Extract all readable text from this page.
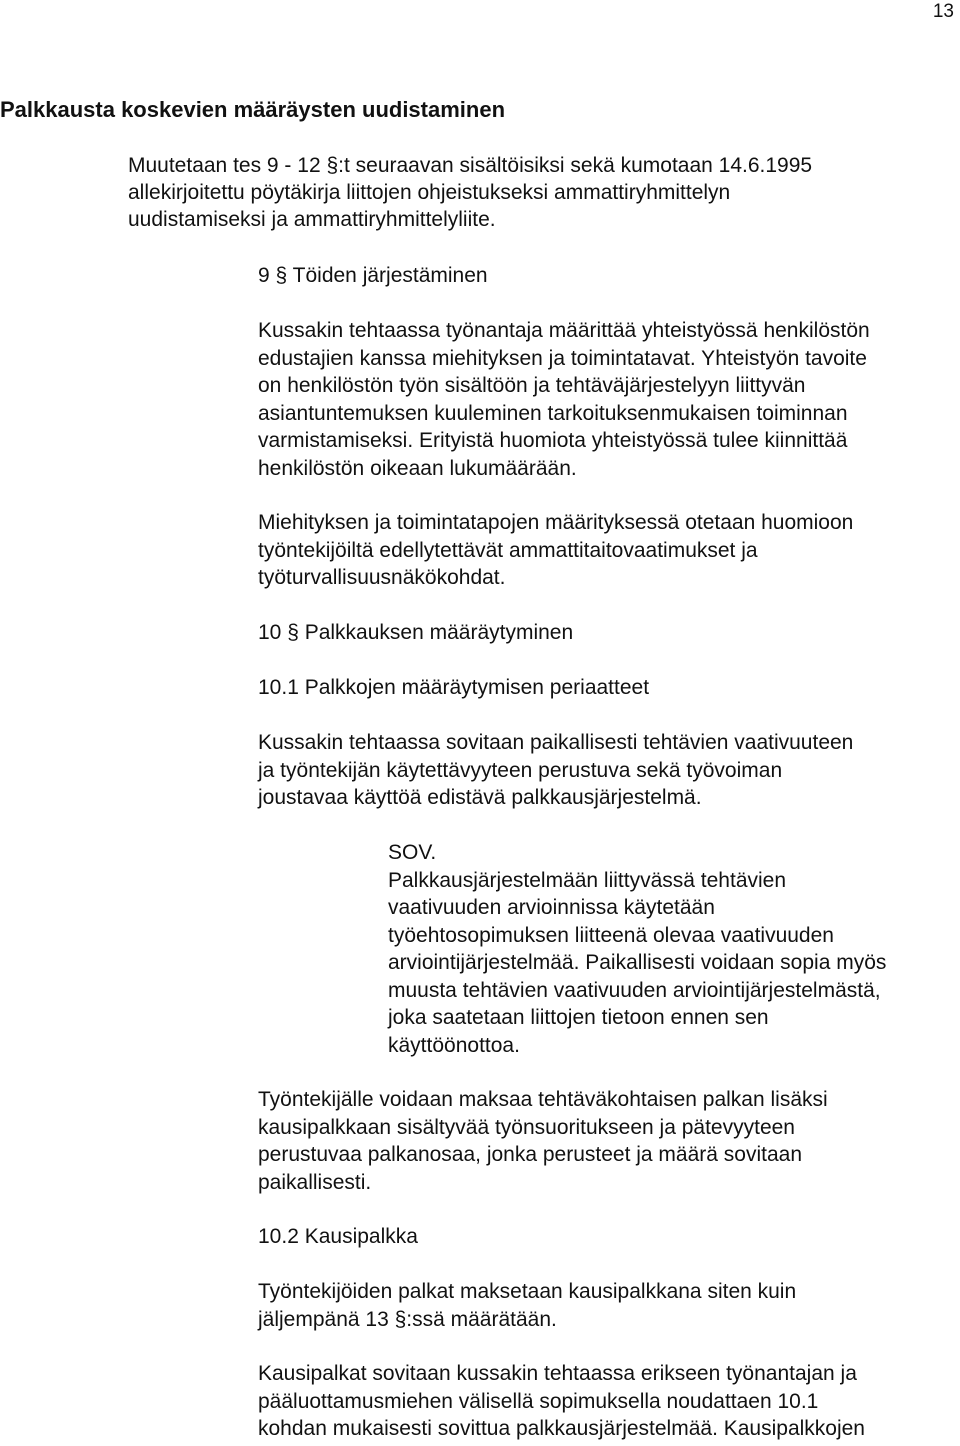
13
Palkkausta koskevien määräysten uudistaminen

Muutetaan tes 9 - 12 §:t seuraavan sisältöisiksi sekä kumotaan 14.6.1995
allekirjoitettu pöytäkirja liittojen ohjeistukseksi ammattiryhmittelyn
uudistamiseksi ja ammattiryhmittelyliite.

9 § Töiden järjestäminen

Kussakin tehtaassa työnantaja määrittää yhteistyössä henkilöstön
edustajien kanssa miehityksen ja toimintatavat. Yhteistyön tavoite
on henkilöstön työn sisältöön ja tehtäväjärjestelyyn liittyvän
asiantuntemuksen kuuleminen tarkoituksenmukaisen toiminnan
varmistamiseksi. Erityistä huomiota yhteistyössä tulee kiinnittää
henkilöstön oikeaan lukumäärään.

Miehityksen ja toimintatapojen määrityksessä otetaan huomioon
työntekijöiltä edellytettävät ammattitaitovaatimukset ja
työturvallisuusnäkökohdat.

10 § Palkkauksen määräytyminen

10.1 Palkkojen määräytymisen periaatteet

Kussakin tehtaassa sovitaan paikallisesti tehtävien vaativuuteen
ja työntekijän käytettävyyteen perustuva sekä työvoiman
joustavaa käyttöä edistävä palkkausjärjestelmä.

SOV.
Palkkausjärjestelmään liittyvässä tehtävien
vaativuuden arvioinnissa käytetään
työehtosopimuksen liitteenä olevaa vaativuuden
arviointijärjestelmää. Paikallisesti voidaan sopia myös
muusta tehtävien vaativuuden arviointijärjestelmästä,
joka saatetaan liittojen tietoon ennen sen
käyttöönottoa.

Työntekijälle voidaan maksaa tehtäväkohtaisen palkan lisäksi
kausipalkkaan sisältyvää työnsuoritukseen ja pätevyyteen
perustuvaa palkanosaa, jonka perusteet ja määrä sovitaan
paikallisesti.

10.2 Kausipalkka

Työntekijöiden palkat maksetaan kausipalkkana siten kuin
jäljempänä 13 §:ssä määrätään.

Kausipalkat sovitaan kussakin tehtaassa erikseen työnantajan ja
pääluottamusmiehen välisellä sopimuksella noudattaen 10.1
kohdan mukaisesti sovittua palkkausjärjestelmää. Kausipalkkojen
